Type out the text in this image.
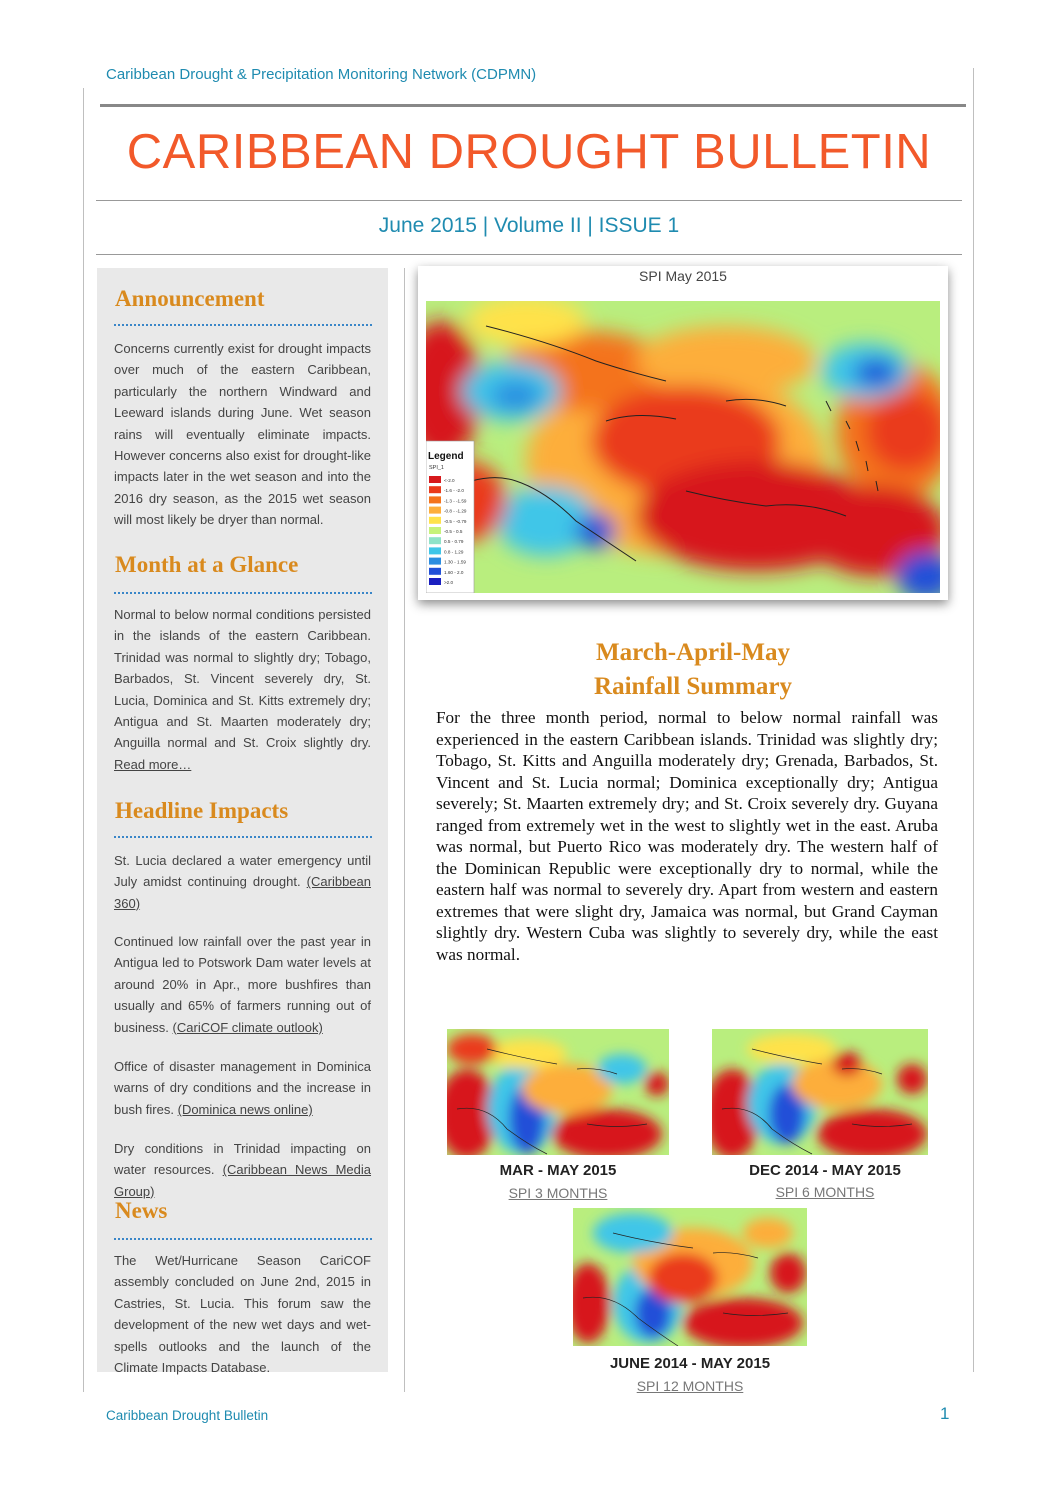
Caribbean Drought & Precipitation Monitoring Network (CDPMN)
CARIBBEAN DROUGHT BULLETIN
June 2015 | Volume II | ISSUE 1
Announcement
Concerns currently exist for drought impacts over much of the eastern Caribbean, particularly the northern Windward and Leeward islands during June. Wet season rains will eventually eliminate impacts. However concerns also exist for drought-like impacts later in the wet season and into the 2016 dry season, as the 2015 wet season will most likely be dryer than normal.
Month at a Glance
Normal to below normal conditions persisted in the islands of the eastern Caribbean. Trinidad was normal to slightly dry; Tobago, Barbados, St. Vincent severely dry, St. Lucia, Dominica and St. Kitts extremely dry; Antigua and St. Maarten moderately dry; Anguilla normal and St. Croix slightly dry. Read more…
Headline Impacts
St. Lucia declared a water emergency until July amidst continuing drought. (Caribbean 360)
Continued low rainfall over the past year in Antigua led to Potswork Dam water levels at around 20% in Apr., more bushfires than usually and 65% of farmers running out of business. (CariCOF climate outlook)
Office of disaster management in Dominica warns of dry conditions and the increase in bush fires. (Dominica news online)
Dry conditions in Trinidad impacting on water resources. (Caribbean News Media Group)
News
The Wet/Hurricane Season CariCOF assembly concluded on June 2nd, 2015 in Castries, St. Lucia. This forum saw the development of the new wet days and wet-spells outlooks and the launch of the Climate Impacts Database.
SPI May 2015
Legend
SPI_1
<-2.0
-1.6 - -2.0
-1.3 - -1.59
-0.8 - -1.29
-0.5 - -0.79
-0.5 - 0.5
0.5 - 0.79
0.8 - 1.29
1.30 - 1.59
1.60 - 2.0
>2.0
March-April-May
Rainfall Summary
For the three month period, normal to below normal rainfall was experienced in the eastern Caribbean islands. Trinidad was slightly dry; Tobago, St. Kitts and Anguilla moderately dry; Grenada, Barbados, St. Vincent and St. Lucia normal; Dominica exceptionally dry; Antigua severely; St. Maarten extremely dry; and St. Croix severely dry. Guyana ranged from extremely wet in the west to slightly wet in the east. Aruba was normal, but Puerto Rico was moderately dry. The western half of the Dominican Republic were exceptionally dry to normal, while the eastern half was normal to severely dry. Apart from western and eastern extremes that were slight dry, Jamaica was normal, but Grand Cayman slightly dry. Western Cuba was slightly to severely dry, while the east was normal.
MAR - MAY 2015
SPI 3 MONTHS
DEC 2014 - MAY 2015
SPI 6 MONTHS
JUNE 2014 - MAY 2015
SPI 12 MONTHS
Caribbean Drought Bulletin	1
